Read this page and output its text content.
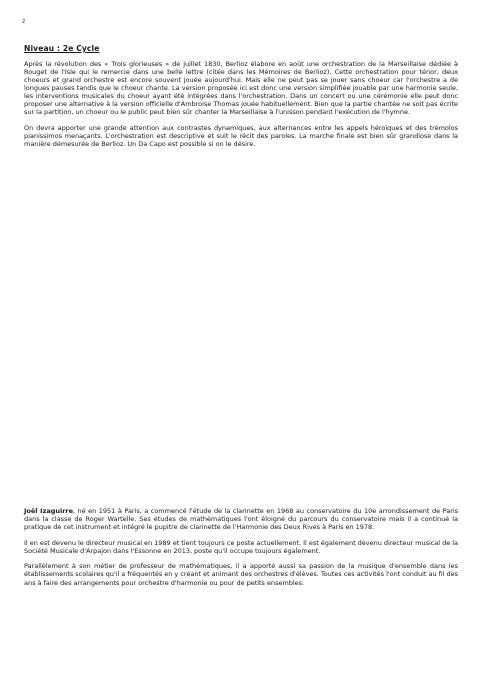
2
Niveau : 2e Cycle

Après la révolution des « Trois glorieuses » de juillet 1830, Berlioz élabore en août une orchestration de la Marseillaise dédiée à Rouget de l'Isle qui le remercie dans une belle lettre (citée dans les Mémoires de Berlioz). Cette orchestration pour ténor, deux choeurs et grand orchestre est encore souvent jouée aujourd'hui. Mais elle ne peut pas se jouer sans choeur car l'orchestre a de longues pauses tandis que le choeur chante. La version proposée ici est donc une version simplifiée jouable par une harmonie seule, les interventions musicales du choeur ayant été intégrées dans l'orchestration. Dans un concert ou une cérémonie elle peut donc proposer une alternative à la version officielle d'Ambroise Thomas jouée habituellement. Bien que la partie chantée ne soit pas écrite sur la partition, un choeur ou le public peut bien sûr chanter la Marseillaise à l'unisson pendant l'exécution de l'hymne.

On devra apporter une grande attention aux contrastes dynamiques, aux alternances entre les appels héroïques et des trémolos pianissimos menaçants. L'orchestration est descriptive et suit le récit des paroles. La marche finale est bien sûr grandiose dans la manière démesurée de Berlioz. Un Da Capo est possible si on le désire.

Joël Izaguirre, né en 1951 à Paris, a commencé l'étude de la clarinette en 1968 au conservatoire du 10e arrondissement de Paris dans la classe de Roger Wartelle. Ses études de mathématiques l'ont éloigné du parcours du conservatoire mais il a continué la pratique de cet instrument et intégré le pupitre de clarinette de l'Harmonie des Deux Rives à Paris en 1978.

Il en est devenu le directeur musical en 1989 et tient toujours ce poste actuellement. Il est également devenu directeur musical de la Société Musicale d'Arpajon dans l'Essonne en 2013, poste qu'il occupe toujours également.

Parallèlement à son métier de professeur de mathématiques, il a apporté aussi sa passion de la musique d'ensemble dans les établissements scolaires qu'il a fréquentés en y créant et animant des orchestres d'élèves. Toutes ces activités l'ont conduit au fil des ans à faire des arrangements pour orchestre d'harmonie ou pour de petits ensembles.
